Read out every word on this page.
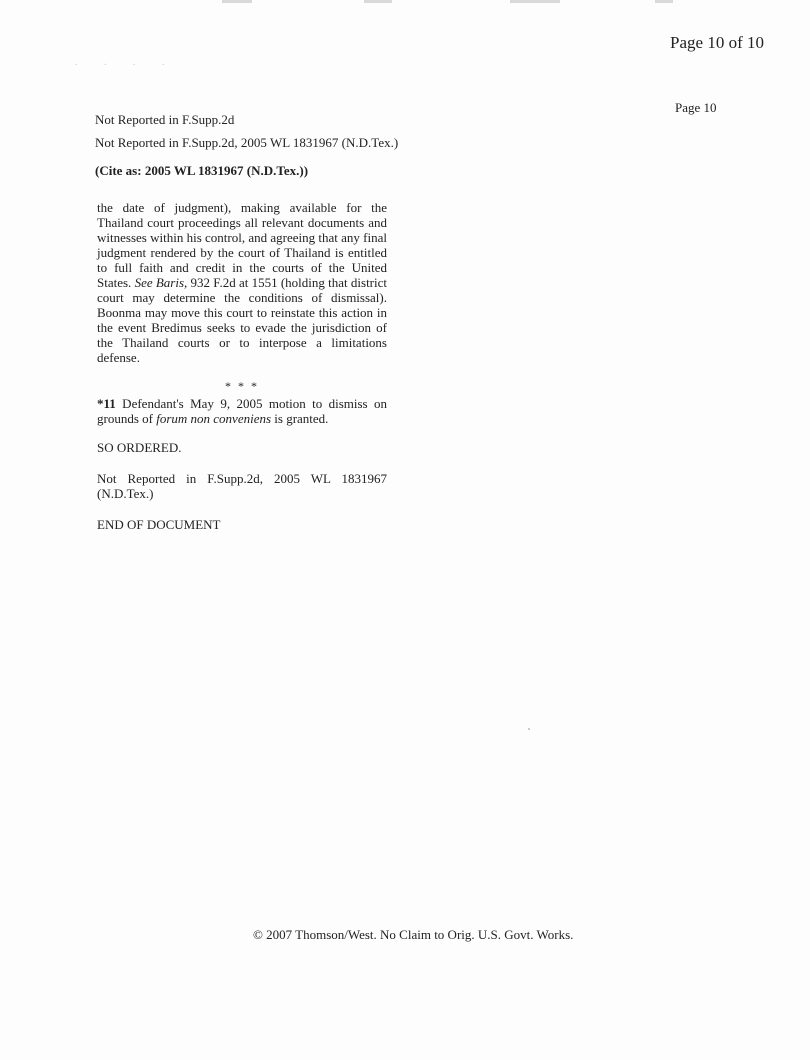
. . . .
Page 10 of 10
Page 10
Not Reported in F.Supp.2d
Not Reported in F.Supp.2d, 2005 WL 1831967 (N.D.Tex.)
(Cite as: 2005 WL 1831967 (N.D.Tex.))

the date of judgment), making available for the Thailand court proceedings all relevant documents and witnesses within his control, and agreeing that any final judgment rendered by the court of Thailand is entitled to full faith and credit in the courts of the United States. See Baris, 932 F.2d at 1551 (holding that district court may determine the conditions of dismissal). Boonma may move this court to reinstate this action in the event Bredimus seeks to evade the jurisdiction of the Thailand courts or to interpose a limitations defense.

* * *

*11 Defendant's May 9, 2005 motion to dismiss on grounds of forum non conveniens is granted.

SO ORDERED.

Not Reported in F.Supp.2d, 2005 WL 1831967 (N.D.Tex.)

END OF DOCUMENT

© 2007 Thomson/West. No Claim to Orig. U.S. Govt. Works.
